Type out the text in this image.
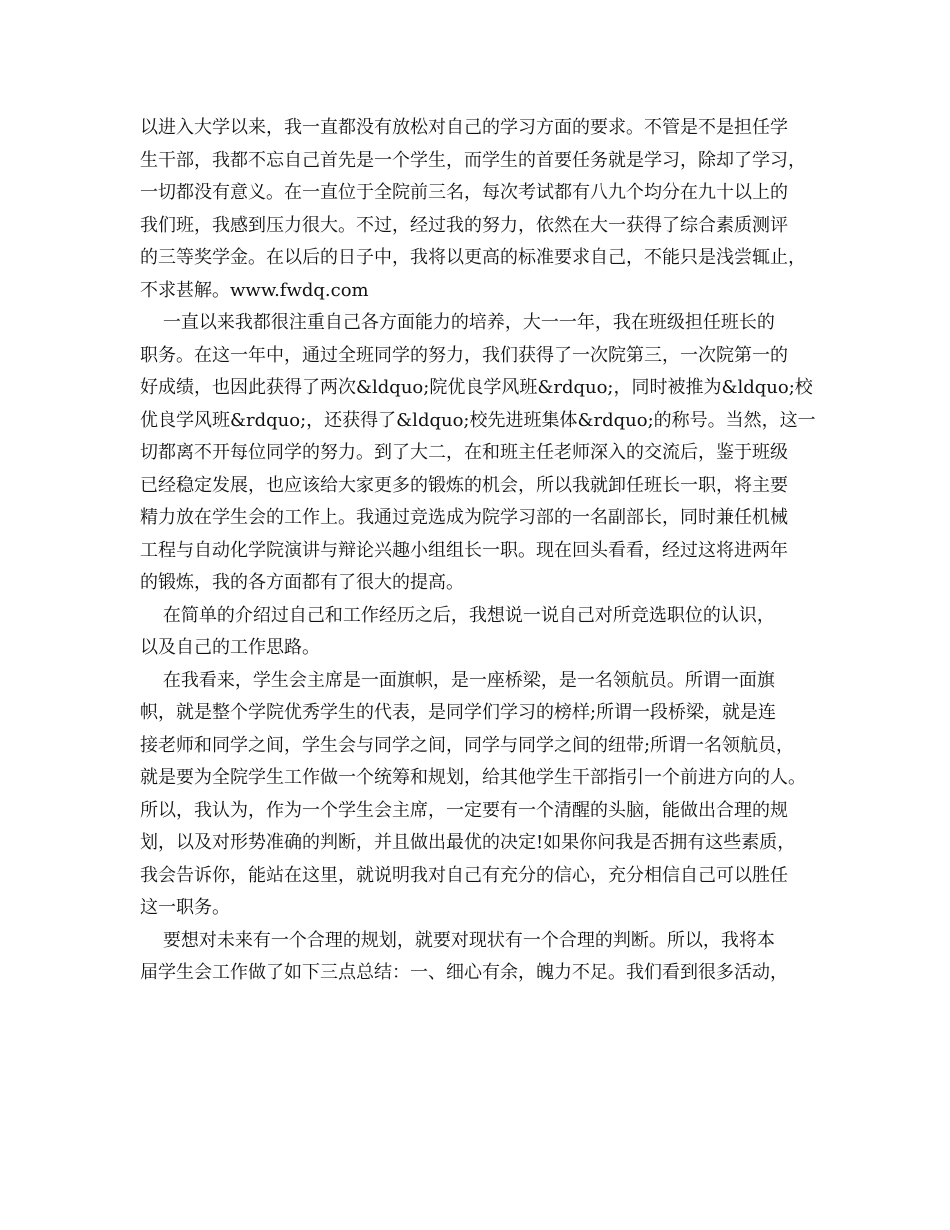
以进入大学以来，我一直都没有放松对自己的学习方面的要求。不管是不是担任学
生干部，我都不忘自己首先是一个学生，而学生的首要任务就是学习，除却了学习，
一切都没有意义。在一直位于全院前三名，每次考试都有八九个均分在九十以上的
我们班，我感到压力很大。不过，经过我的努力，依然在大一获得了综合素质测评
的三等奖学金。在以后的日子中，我将以更高的标准要求自己，不能只是浅尝辄止，
不求甚解。www.fwdq.com
一直以来我都很注重自己各方面能力的培养，大一一年，我在班级担任班长的
职务。在这一年中，通过全班同学的努力，我们获得了一次院第三，一次院第一的
好成绩，也因此获得了两次&ldquo;院优良学风班&rdquo;，同时被推为&ldquo;校
优良学风班&rdquo;，还获得了&ldquo;校先进班集体&rdquo;的称号。当然，这一
切都离不开每位同学的努力。到了大二，在和班主任老师深入的交流后，鉴于班级
已经稳定发展，也应该给大家更多的锻炼的机会，所以我就卸任班长一职，将主要
精力放在学生会的工作上。我通过竞选成为院学习部的一名副部长，同时兼任机械
工程与自动化学院演讲与辩论兴趣小组组长一职。现在回头看看，经过这将进两年
的锻炼，我的各方面都有了很大的提高。
在简单的介绍过自己和工作经历之后，我想说一说自己对所竞选职位的认识，
以及自己的工作思路。
在我看来，学生会主席是一面旗帜，是一座桥梁，是一名领航员。所谓一面旗
帜，就是整个学院优秀学生的代表，是同学们学习的榜样;所谓一段桥梁，就是连
接老师和同学之间，学生会与同学之间，同学与同学之间的纽带;所谓一名领航员，
就是要为全院学生工作做一个统筹和规划，给其他学生干部指引一个前进方向的人。
所以，我认为，作为一个学生会主席，一定要有一个清醒的头脑，能做出合理的规
划，以及对形势准确的判断，并且做出最优的决定!如果你问我是否拥有这些素质，
我会告诉你，能站在这里，就说明我对自己有充分的信心，充分相信自己可以胜任
这一职务。
要想对未来有一个合理的规划，就要对现状有一个合理的判断。所以，我将本
届学生会工作做了如下三点总结：一、细心有余，魄力不足。我们看到很多活动，
